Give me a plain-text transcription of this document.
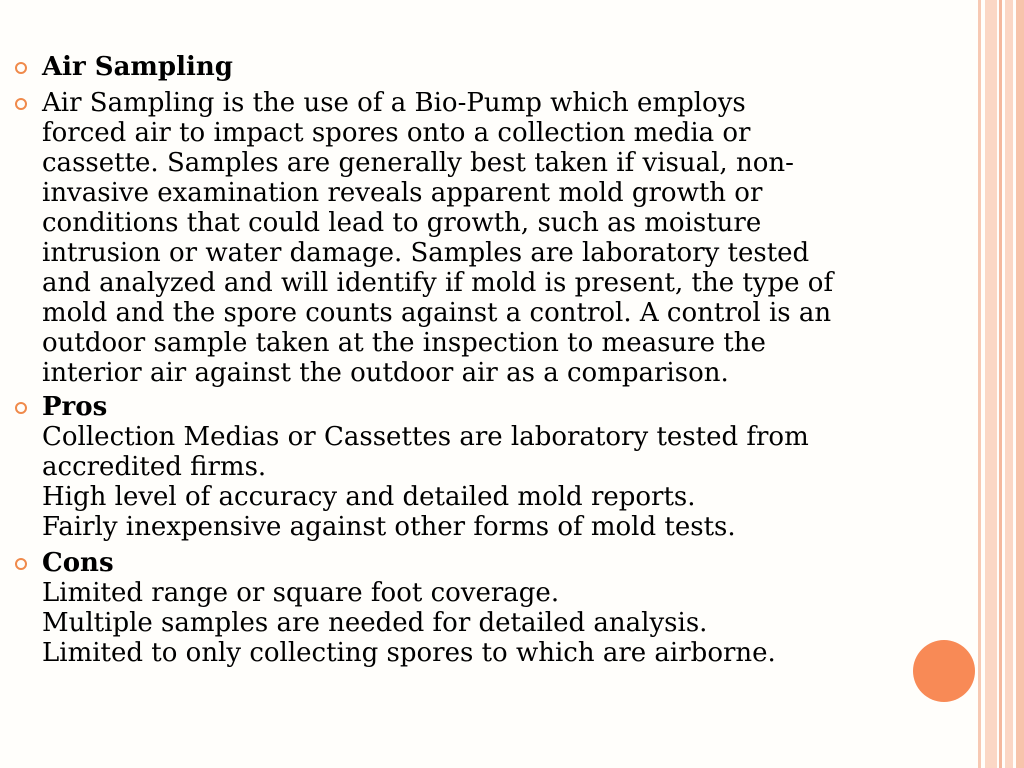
Air Sampling
Air Sampling is the use of a Bio-Pump which employs
forced air to impact spores onto a collection media or
cassette. Samples are generally best taken if visual, non-
invasive examination reveals apparent mold growth or
conditions that could lead to growth, such as moisture
intrusion or water damage. Samples are laboratory tested
and analyzed and will identify if mold is present, the type of
mold and the spore counts against a control. A control is an
outdoor sample taken at the inspection to measure the
interior air against the outdoor air as a comparison.
Pros
Collection Medias or Cassettes are laboratory tested from
accredited firms.
High level of accuracy and detailed mold reports.
Fairly inexpensive against other forms of mold tests.
Cons
Limited range or square foot coverage.
Multiple samples are needed for detailed analysis.
Limited to only collecting spores to which are airborne.
